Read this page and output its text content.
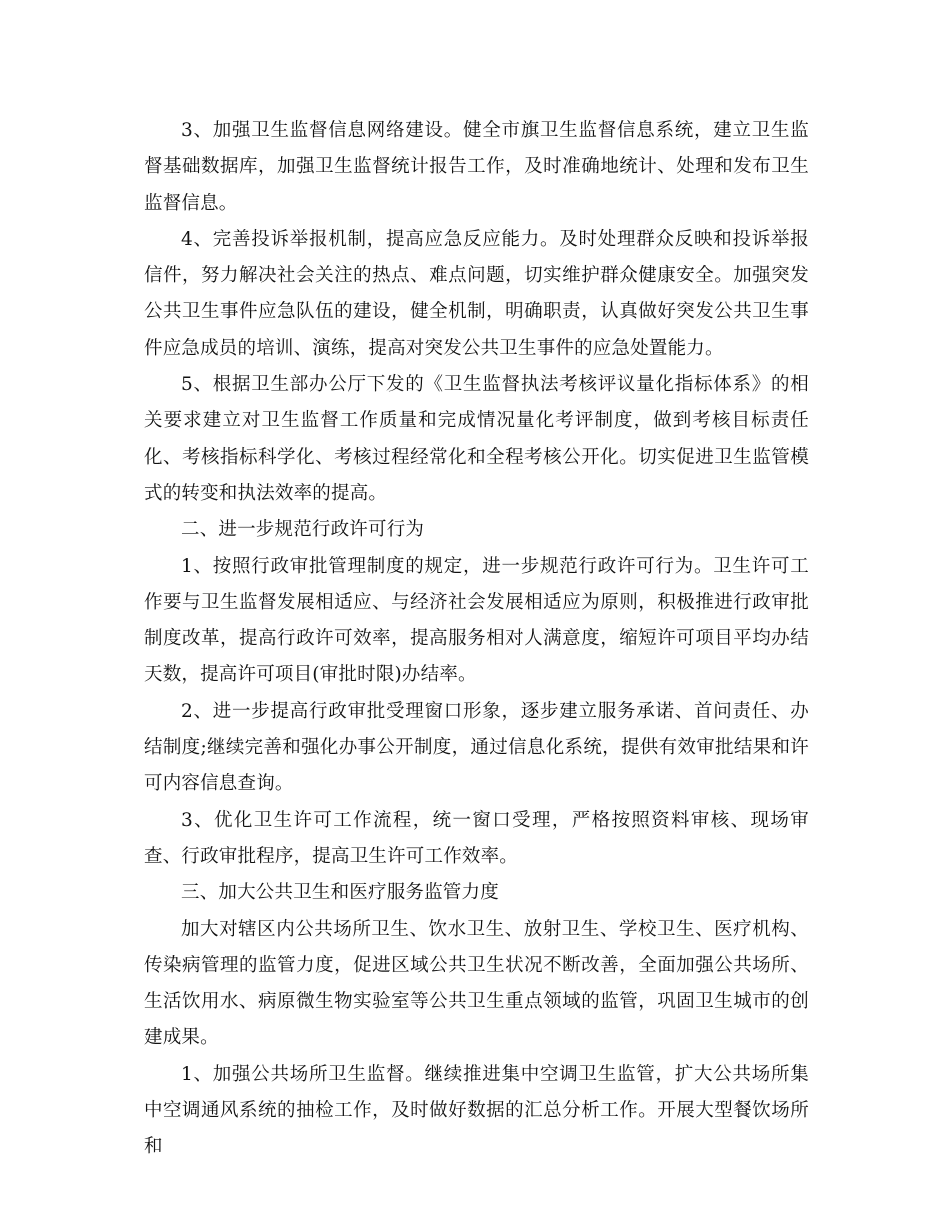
3、加强卫生监督信息网络建设。健全市旗卫生监督信息系统，建立卫生监督基础数据库，加强卫生监督统计报告工作，及时准确地统计、处理和发布卫生监督信息。

4、完善投诉举报机制，提高应急反应能力。及时处理群众反映和投诉举报信件，努力解决社会关注的热点、难点问题，切实维护群众健康安全。加强突发公共卫生事件应急队伍的建设，健全机制，明确职责，认真做好突发公共卫生事件应急成员的培训、演练，提高对突发公共卫生事件的应急处置能力。

5、根据卫生部办公厅下发的《卫生监督执法考核评议量化指标体系》的相关要求建立对卫生监督工作质量和完成情况量化考评制度，做到考核目标责任化、考核指标科学化、考核过程经常化和全程考核公开化。切实促进卫生监管模式的转变和执法效率的提高。

二、进一步规范行政许可行为

1、按照行政审批管理制度的规定，进一步规范行政许可行为。卫生许可工作要与卫生监督发展相适应、与经济社会发展相适应为原则，积极推进行政审批制度改革，提高行政许可效率，提高服务相对人满意度，缩短许可项目平均办结天数，提高许可项目(审批时限)办结率。

2、进一步提高行政审批受理窗口形象，逐步建立服务承诺、首问责任、办结制度;继续完善和强化办事公开制度，通过信息化系统，提供有效审批结果和许可内容信息查询。

3、优化卫生许可工作流程，统一窗口受理，严格按照资料审核、现场审查、行政审批程序，提高卫生许可工作效率。

三、加大公共卫生和医疗服务监管力度

加大对辖区内公共场所卫生、饮水卫生、放射卫生、学校卫生、医疗机构、传染病管理的监管力度，促进区域公共卫生状况不断改善，全面加强公共场所、生活饮用水、病原微生物实验室等公共卫生重点领域的监管，巩固卫生城市的创建成果。

1、加强公共场所卫生监督。继续推进集中空调卫生监管，扩大公共场所集中空调通风系统的抽检工作，及时做好数据的汇总分析工作。开展大型餐饮场所和
